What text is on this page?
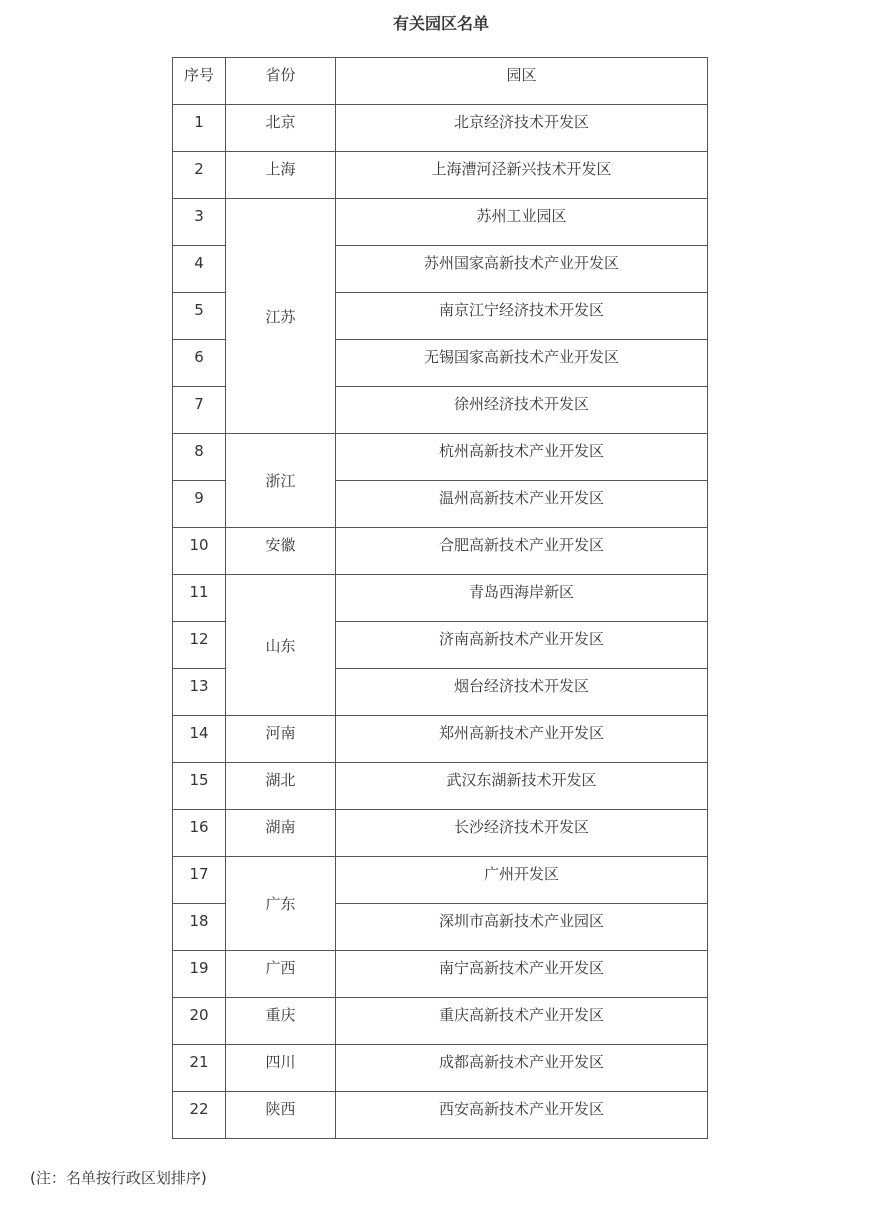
有关园区名单
序号	省份	园区

1	北京	北京经济技术开发区

2	上海	上海漕河泾新兴技术开发区

3	江苏	苏州工业园区

4		苏州国家高新技术产业开发区

5		南京江宁经济技术开发区

6		无锡国家高新技术产业开发区

7		徐州经济技术开发区

8	浙江	杭州高新技术产业开发区

9		温州高新技术产业开发区

10	安徽	合肥高新技术产业开发区

11	山东	青岛西海岸新区

12		济南高新技术产业开发区

13		烟台经济技术开发区

14	河南	郑州高新技术产业开发区

15	湖北	武汉东湖新技术开发区

16	湖南	长沙经济技术开发区

17	广东	广州开发区

18		深圳市高新技术产业园区

19	广西	南宁高新技术产业开发区

20	重庆	重庆高新技术产业开发区

21	四川	成都高新技术产业开发区

22	陕西	西安高新技术产业开发区
(注：名单按行政区划排序)
